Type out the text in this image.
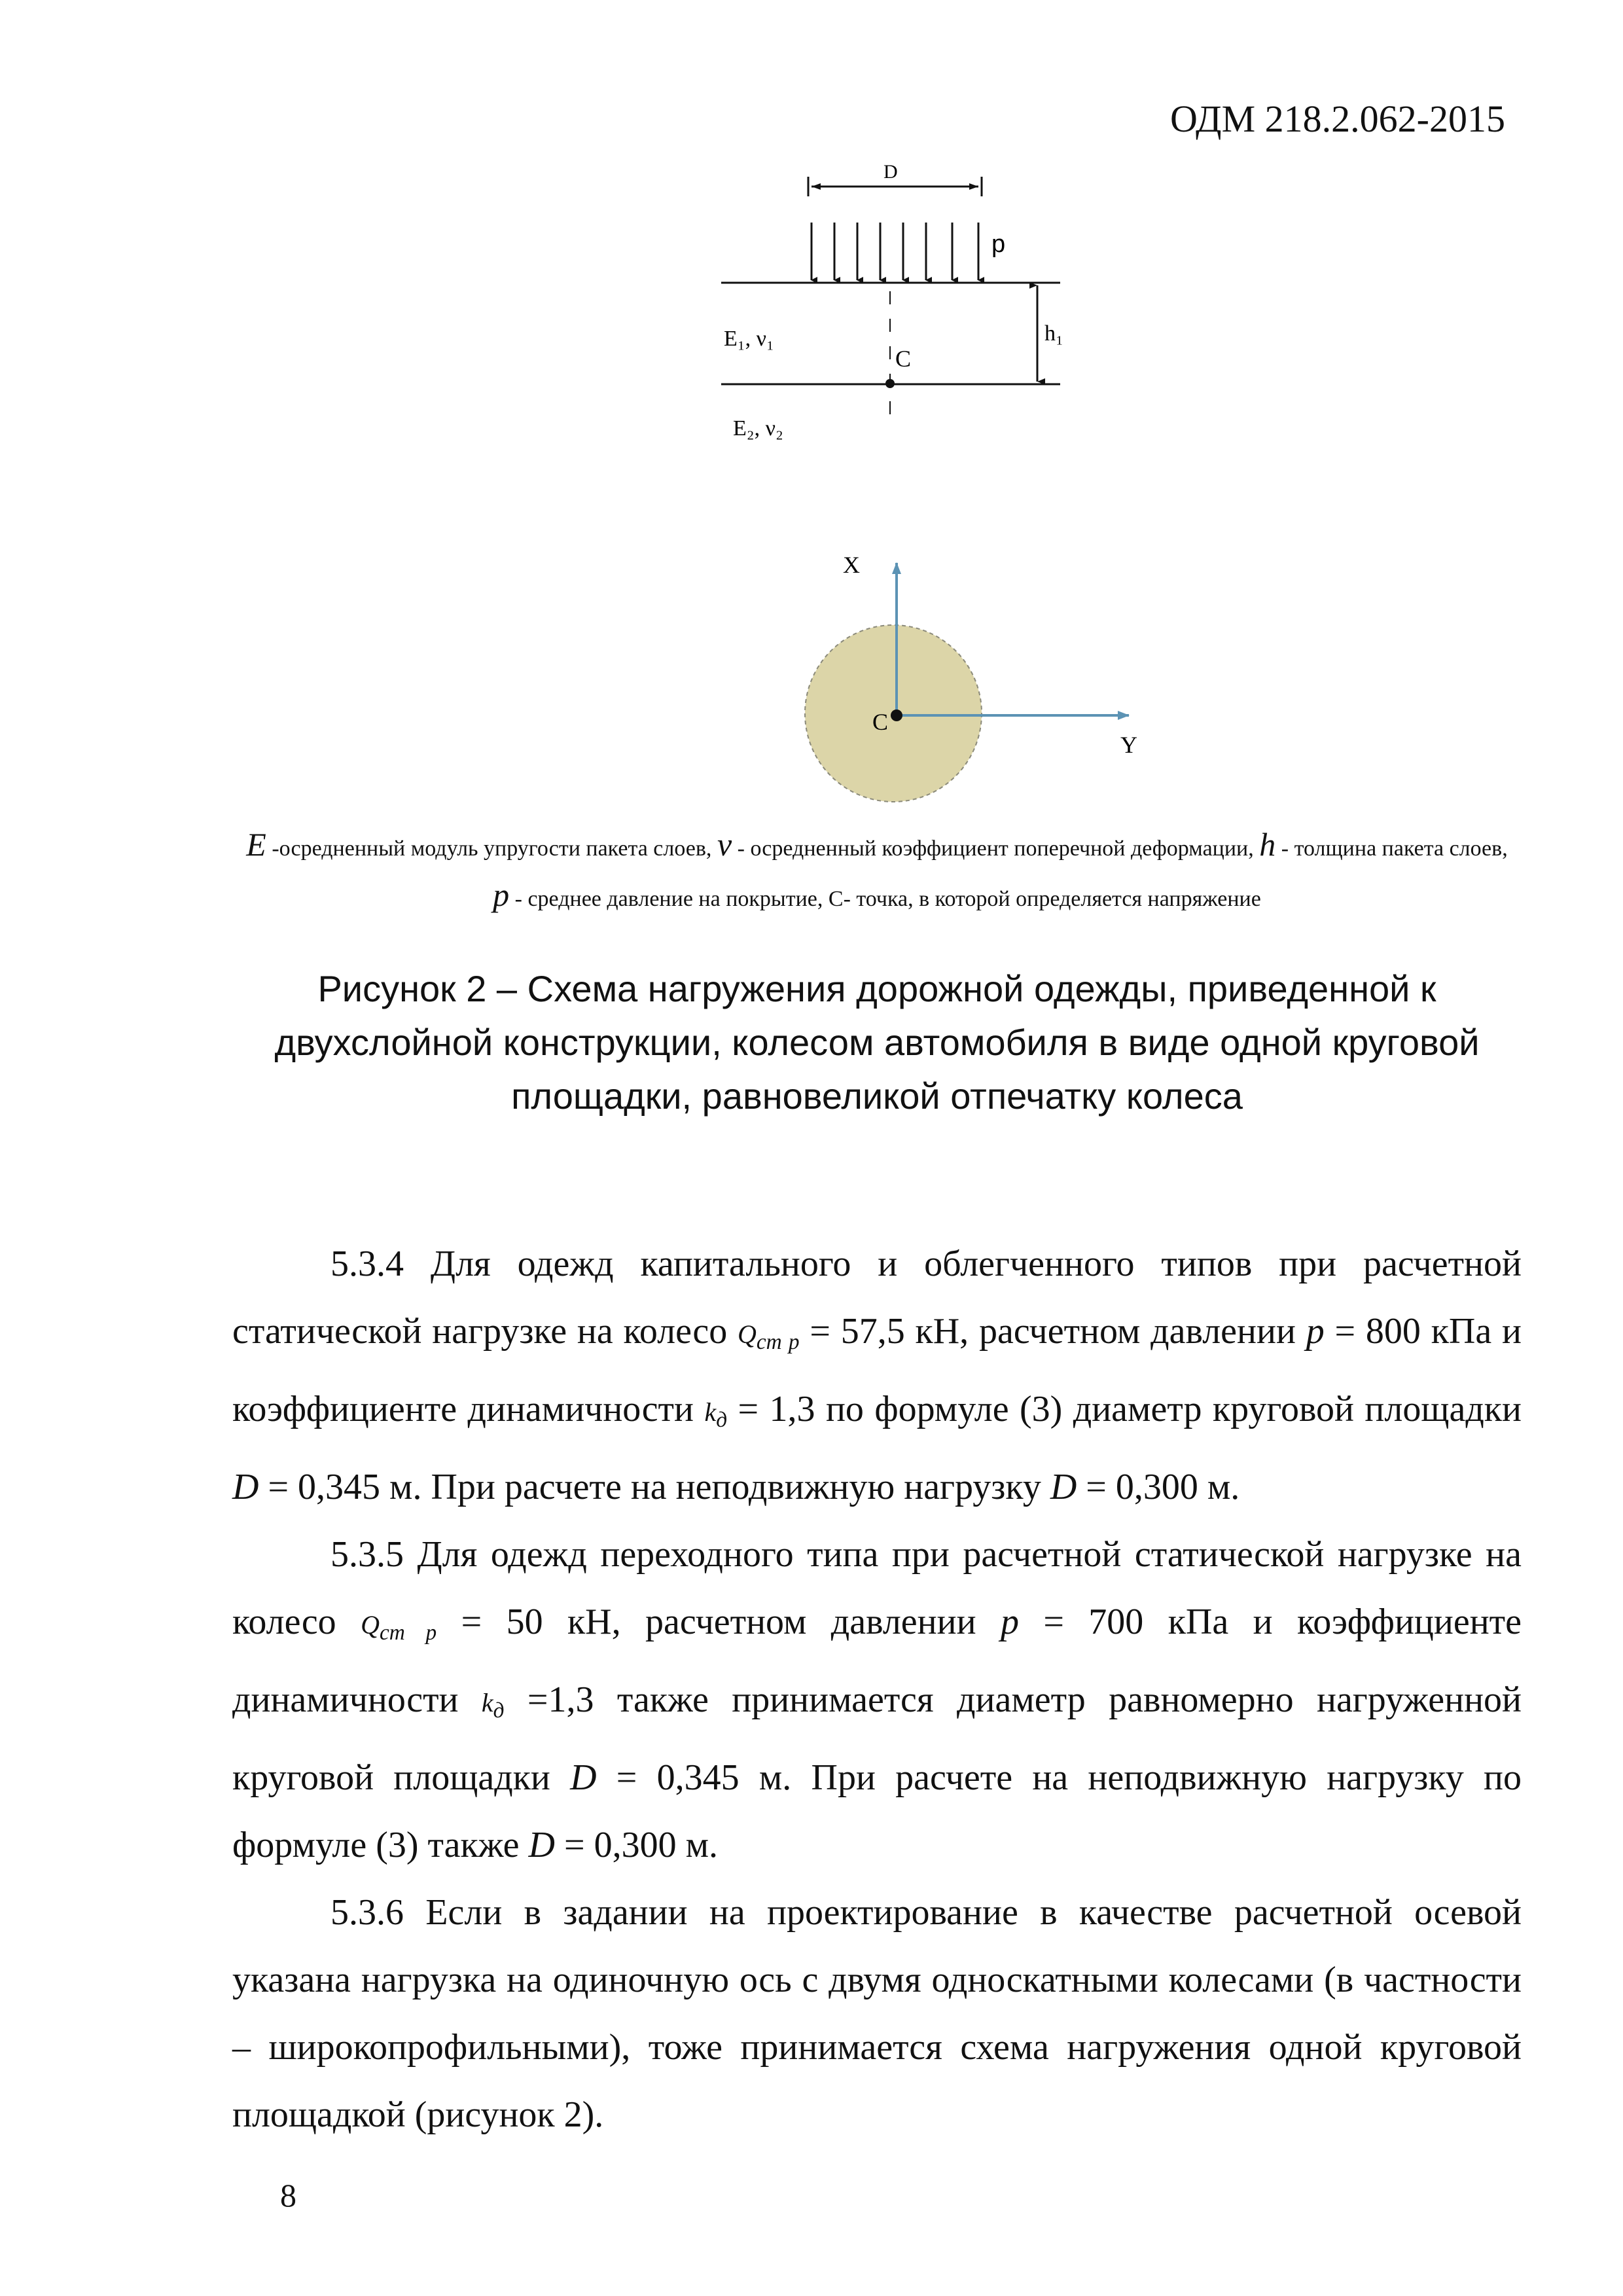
ОДМ 218.2.062-2015
D
p
C
h₁
E₁, ν₁
E₂, ν₂
X
Y
C
E -осредненный модуль упругости пакета слоев, ν - осредненный коэффициент поперечной деформации, h - толщина пакета слоев, p - среднее давление на покрытие, С- точка, в которой определяется напряжение
Рисунок 2 – Схема нагружения дорожной одежды, приведенной к
двухслойной конструкции, колесом автомобиля в виде одной круговой
площадки, равновеликой отпечатку колеса

5.3.4 Для одежд капитального и облегченного типов при расчетной статической нагрузке на колесо $Q_{ст р} = 57,5$ кН, расчетном давлении p = 800 кПа и коэффициенте динамичности $k_д = 1,3$ по формуле (3) диаметр круговой площадки D = 0,345 м. При расчете на неподвижную нагрузку D = 0,300 м.

5.3.5 Для одежд переходного типа при расчетной статической нагрузке на колесо $Q_{ст р} = 50$ кН, расчетном давлении p = 700 кПа и коэффициенте динамичности $k_д =1,3$ также принимается диаметр равномерно нагруженной круговой площадки D = 0,345 м. При расчете на неподвижную нагрузку по формуле (3) также D = 0,300 м.

5.3.6 Если в задании на проектирование в качестве расчетной осевой указана нагрузка на одиночную ось с двумя односкатными колесами (в частности – широкопрофильными), тоже принимается схема нагружения одной круговой площадкой (рисунок 2).

8
